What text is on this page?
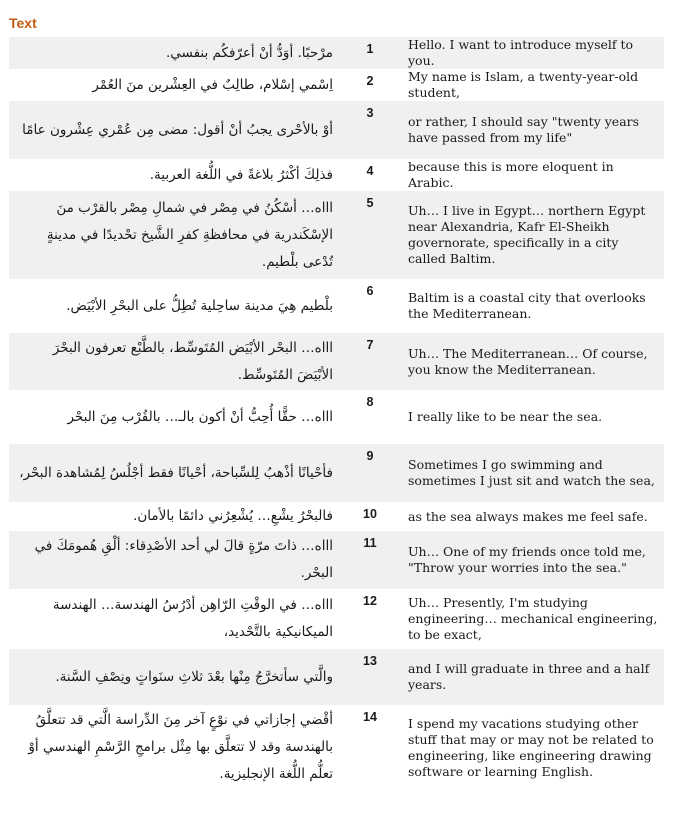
Text
مرْحبًا. أوَدُّ أنْ أعرّفكُم بنفسي.	1	Hello. I want to introduce myself to you.
اِسْمي إسْلام، طالِبٌ في العِشْرين منَ العُمْر	2	My name is Islam, a twenty-year-old student,
أوْ بالأحْرى يجبُ أنْ أقول: مضى مِن عُمْري عِشْرون عامًا	3	or rather, I should say "twenty years have passed from my life"
فذلِكَ أكْثرُ بلاغةً في اللُّغة العربية.	4	because this is more eloquent in Arabic.
اااه… أسْكُنُ في مِصْر في شمالِ مِصْر بالقرْب منَ الإسْكَندرية في محافظةِ كفرِ الشَّيخ تحْديدًا في مدينةٍ تُدْعى بلْطيم.	5	Uh… I live in Egypt… northern Egypt near Alexandria, Kafr El-Sheikh governorate, specifically in a city called Baltim.
بلْطيم هِيَ مدينة ساحِلية تُطِلُّ على البحْرِ الأبْيَض.	6	Baltim is a coastal city that overlooks the Mediterranean.
اااه… البحْر الأبْيَض المُتَوسِّط، بالطَّبْع تعرفون البحْرَ الأبْيَضَ المُتَوسِّط.	7	Uh… The Mediterranean… Of course, you know the Mediterranean.
اااه… حقًّا أُحِبُّ أنْ أكون بالـ… بالقُرْب مِنَ البحْر	8	I really like to be near the sea.
فأحْيانًا أذْهبُ لِلسِّباحة، أحْيانًا فقط أجْلُسُ لِمُشاهدة البحْر،	9	Sometimes I go swimming and sometimes I just sit and watch the sea,
فالبحْرُ يشْعِ… يُشْعِرُني دائمًا بالأمان.	10	as the sea always makes me feel safe.
اااه… ذاتَ مرّةٍ قالَ لي أحد الأصْدِقاء: ألْقِ هُمومَكَ في البحْر.	11	Uh… One of my friends once told me, "Throw your worries into the sea."
اااه… في الوقْتِ الرّاهِن أدْرُسُ الهندسة… الهندسة الميكانيكية بالتَّحْديد،	12	Uh… Presently, I'm studying engineering… mechanical engineering, to be exact,
والَّتي سأتخرَّجُ مِنْها بعْدَ ثلاثِ سنَواتٍ ونِصْفِ السَّنة.	13	and I will graduate in three and a half years.
أقْضي إجازاتي في نوْعٍ آخر مِنَ الدِّراسة الَّتي قد تتعلَّقُ بالهندسة وقد لا تتعلَّق بها مِثْل برامجِ الرَّسْمِ الهندسي أوْ تعلُّم اللُّغة الإنجليزية.	14	I spend my vacations studying other stuff that may or may not be related to engineering, like engineering drawing software or learning English.
